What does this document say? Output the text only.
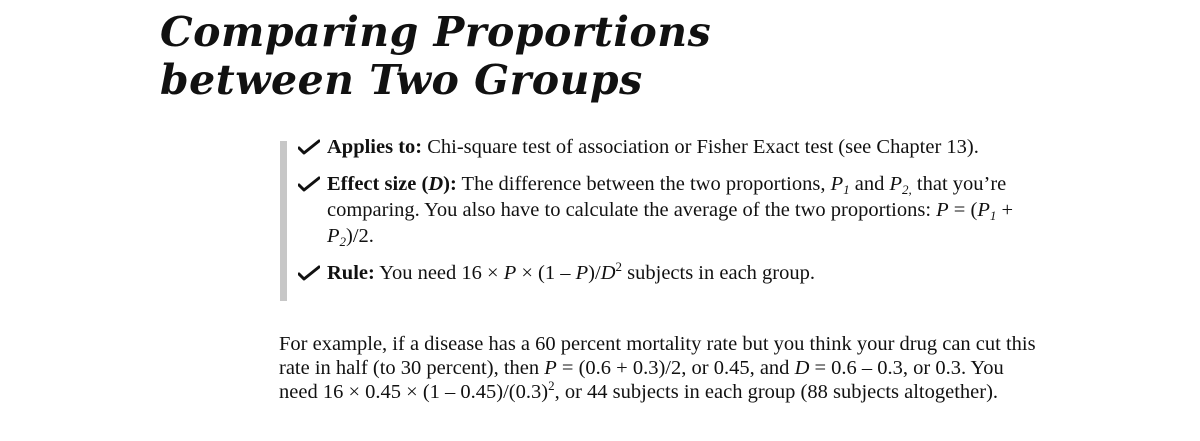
Comparing Proportions
between Two Groups
Applies to: Chi-square test of association or Fisher Exact test (see Chapter 13).
Effect size (D): The difference between the two proportions, $P_1$ and $P_{2,}$ that you’re comparing. You also have to calculate the average of the two proportions: $P = (P_1 + P_2)/2$.
Rule: You need $16 \times P \times (1 - P)/D^2$ subjects in each group.
For example, if a disease has a 60 percent mortality rate but you think your drug can cut this rate in half (to 30 percent), then P = (0.6 + 0.3)/2, or 0.45, and D = 0.6 – 0.3, or 0.3. You need $16 \times 0.45 \times (1 - 0.45)/(0.3)^2$, or 44 subjects in each group (88 subjects altogether).
